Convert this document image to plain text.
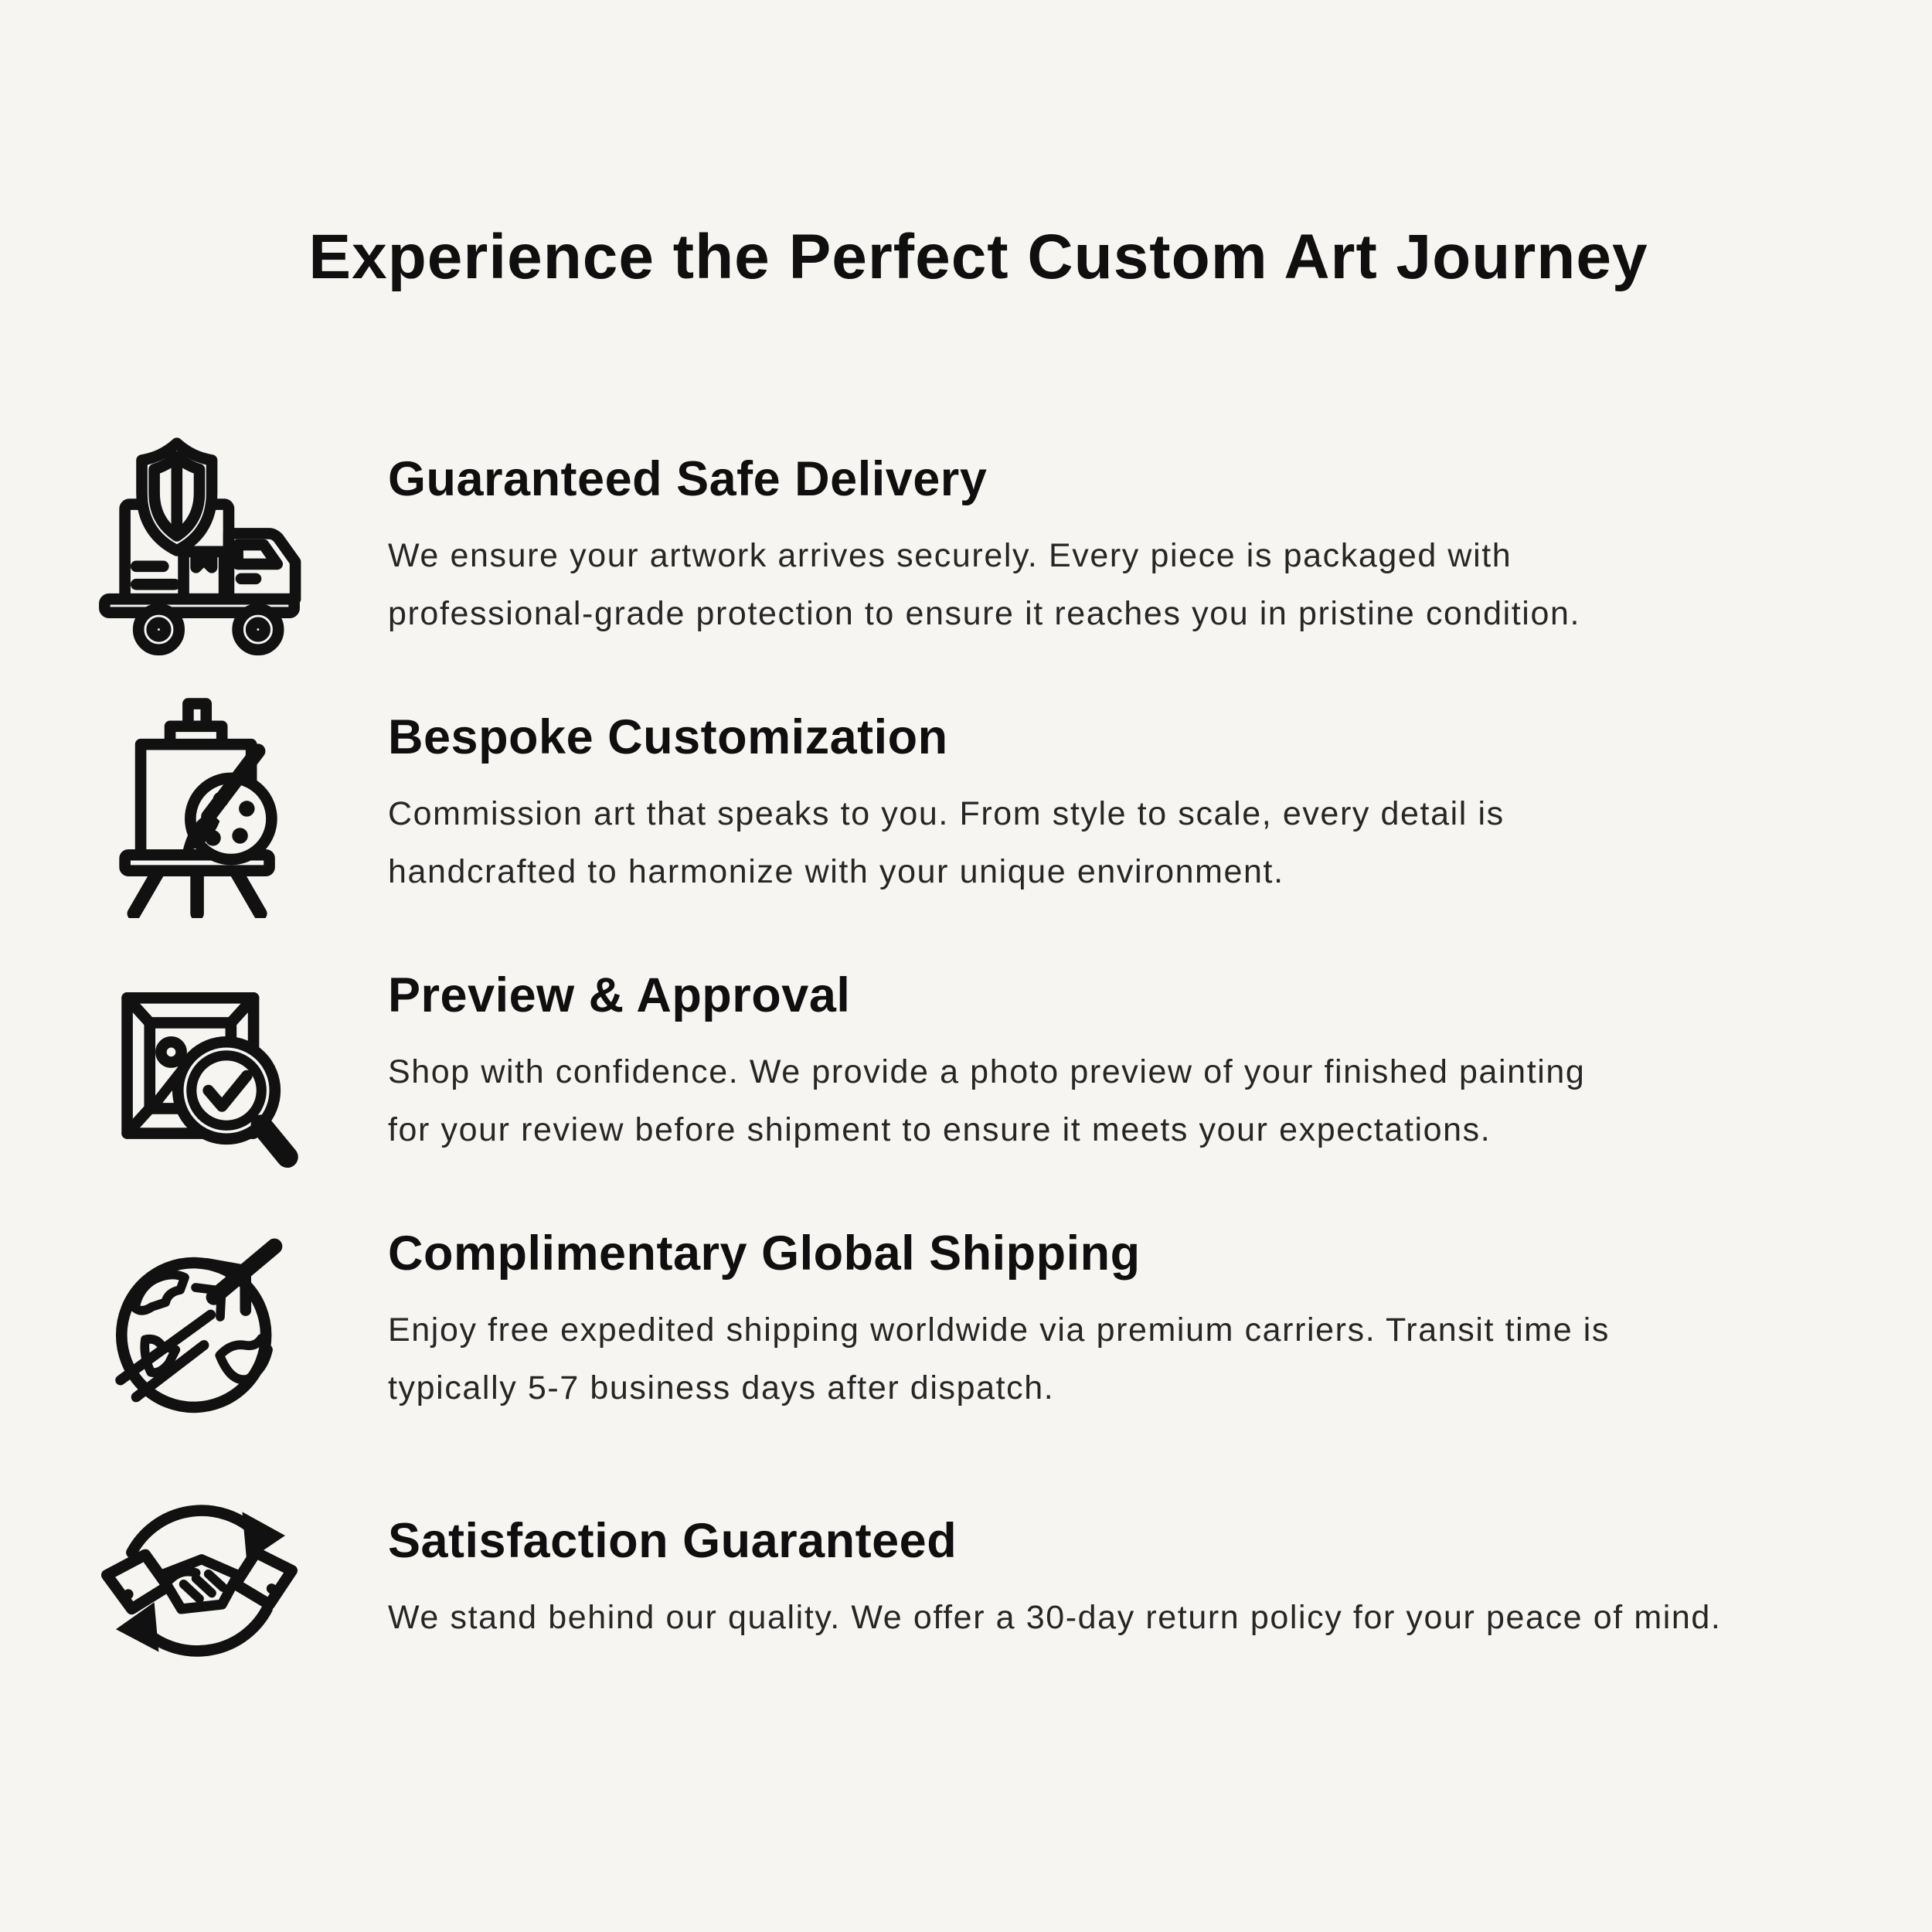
Experience the Perfect Custom Art Journey
Guaranteed Safe Delivery
We ensure your artwork arrives securely. Every piece is packaged with
professional-grade protection to ensure it reaches you in pristine condition.
Bespoke Customization
Commission art that speaks to you. From style to scale, every detail is
handcrafted to harmonize with your unique environment.
Preview & Approval
Shop with confidence. We provide a photo preview of your finished painting
for your review before shipment to ensure it meets your expectations.
Complimentary Global Shipping
Enjoy free expedited shipping worldwide via premium carriers. Transit time is
typically 5-7 business days after dispatch.
Satisfaction Guaranteed
We stand behind our quality. We offer a 30-day return policy for your peace of mind.
